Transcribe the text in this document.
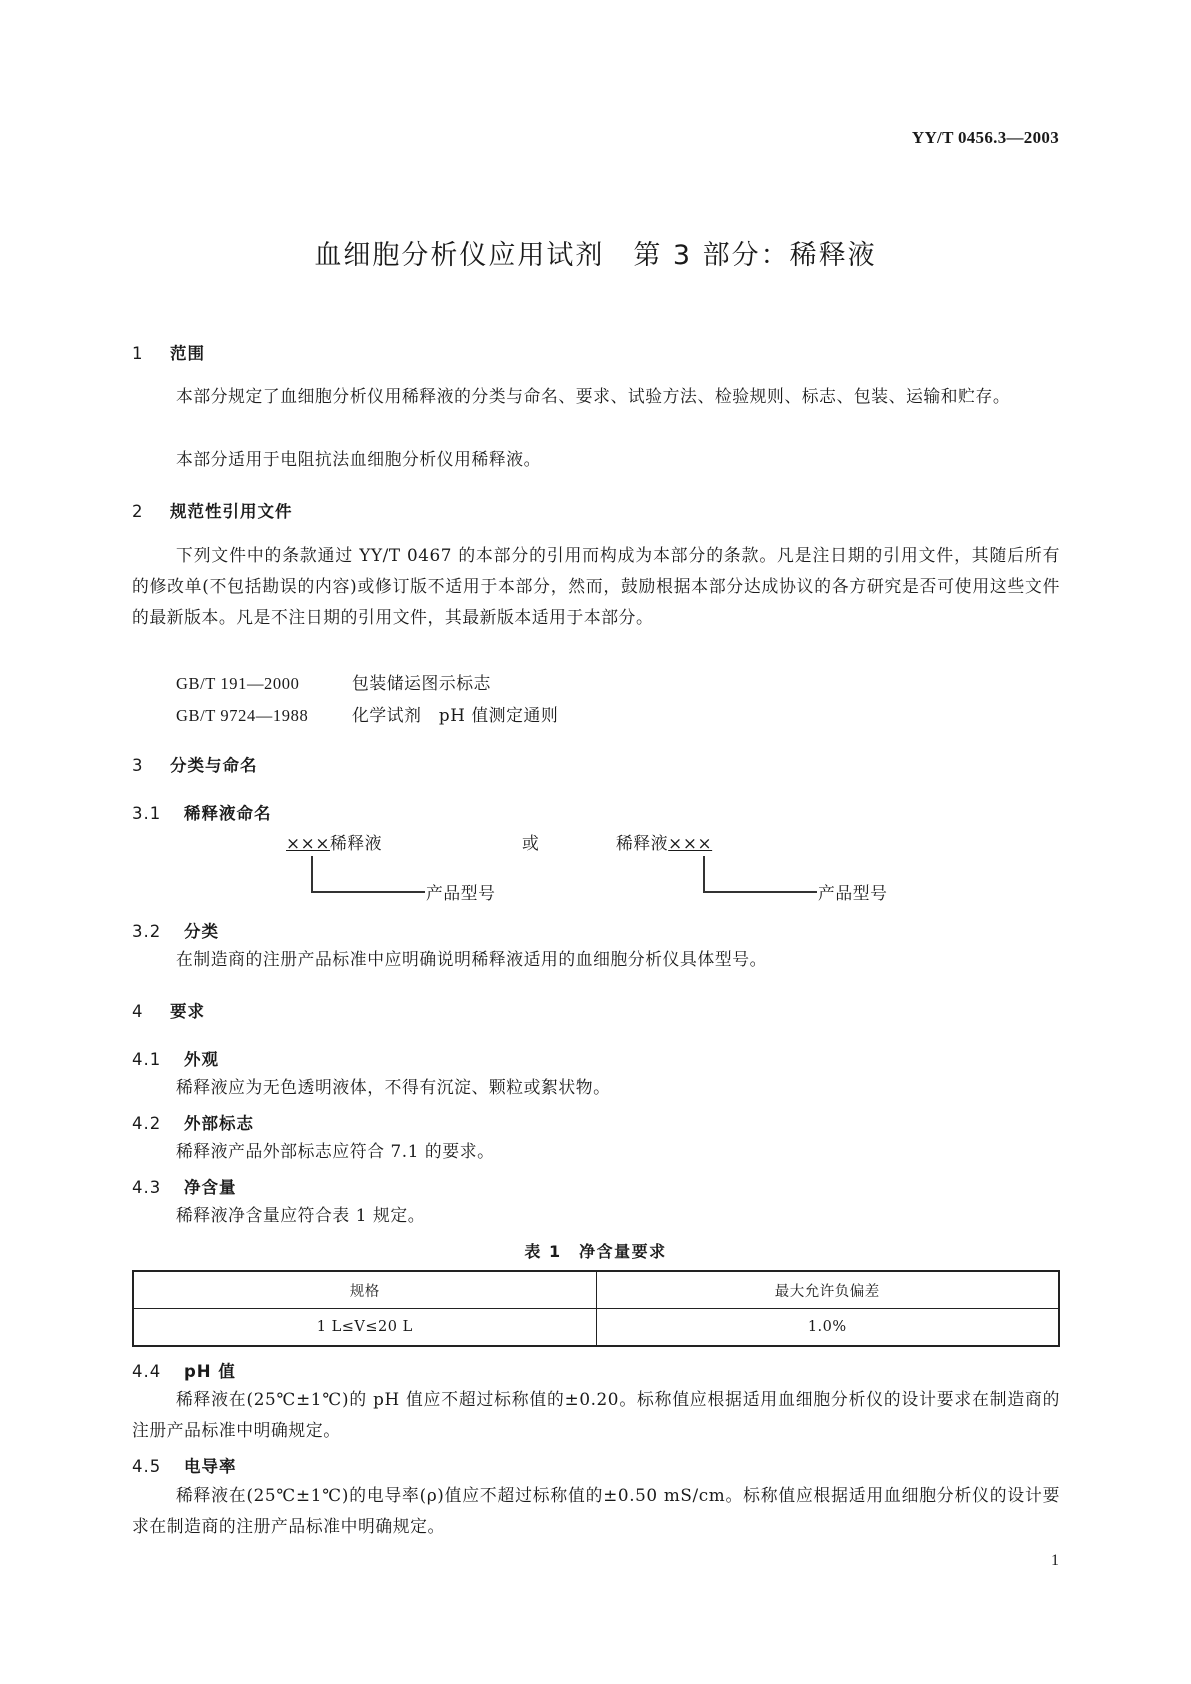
YY/T 0456.3—2003
血细胞分析仪应用试剂　第 3 部分：稀释液
1 范围
本部分规定了血细胞分析仪用稀释液的分类与命名、要求、试验方法、检验规则、标志、包装、运输和贮存。
本部分适用于电阻抗法血细胞分析仪用稀释液。
2 规范性引用文件
下列文件中的条款通过 YY/T 0467 的本部分的引用而构成为本部分的条款。凡是注日期的引用文件，其随后所有的修改单(不包括勘误的内容)或修订版不适用于本部分，然而，鼓励根据本部分达成协议的各方研究是否可使用这些文件的最新版本。凡是不注日期的引用文件，其最新版本适用于本部分。
GB/T 191—2000	包装储运图示标志
GB/T 9724—1988	化学试剂　pH 值测定通则
3 分类与命名
3.1 稀释液命名
×××稀释液	或	稀释液×××
产品型号	产品型号
3.2 分类
在制造商的注册产品标准中应明确说明稀释液适用的血细胞分析仪具体型号。
4 要求
4.1 外观
稀释液应为无色透明液体，不得有沉淀、颗粒或絮状物。
4.2 外部标志
稀释液产品外部标志应符合 7.1 的要求。
4.3 净含量
稀释液净含量应符合表 1 规定。
表 1　净含量要求
规格	最大允许负偏差
1 L≤V≤20 L	1.0%
4.4 pH 值
稀释液在(25℃±1℃)的 pH 值应不超过标称值的±0.20。标称值应根据适用血细胞分析仪的设计要求在制造商的注册产品标准中明确规定。
4.5 电导率
稀释液在(25℃±1℃)的电导率(ρ)值应不超过标称值的±0.50 mS/cm。标称值应根据适用血细胞分析仪的设计要求在制造商的注册产品标准中明确规定。
1
